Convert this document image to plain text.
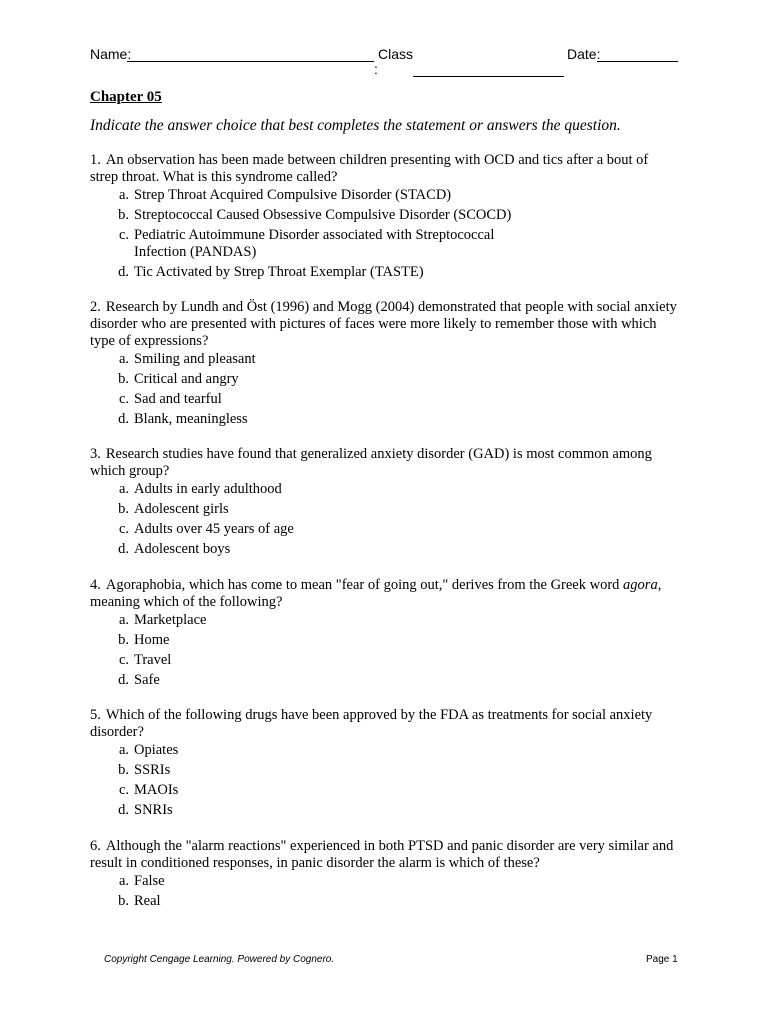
Name:	Class
:
Date:
Chapter 05
Indicate the answer choice that best completes the statement or answers the question.
1. An observation has been made between children presenting with OCD and tics after a bout of strep throat. What is this syndrome called?
a. Strep Throat Acquired Compulsive Disorder (STACD)
b. Streptococcal Caused Obsessive Compulsive Disorder (SCOCD)
c. Pediatric Autoimmune Disorder associated with Streptococcal Infection (PANDAS)
d. Tic Activated by Strep Throat Exemplar (TASTE)
2. Research by Lundh and Öst (1996) and Mogg (2004) demonstrated that people with social anxiety disorder who are presented with pictures of faces were more likely to remember those with which type of expressions?
a. Smiling and pleasant
b. Critical and angry
c. Sad and tearful
d. Blank, meaningless
3. Research studies have found that generalized anxiety disorder (GAD) is most common among which group?
a. Adults in early adulthood
b. Adolescent girls
c. Adults over 45 years of age
d. Adolescent boys
4. Agoraphobia, which has come to mean "fear of going out," derives from the Greek word agora, meaning which of the following?
a. Marketplace
b. Home
c. Travel
d. Safe
5. Which of the following drugs have been approved by the FDA as treatments for social anxiety disorder?
a. Opiates
b. SSRIs
c. MAOIs
d. SNRIs
6. Although the "alarm reactions" experienced in both PTSD and panic disorder are very similar and result in conditioned responses, in panic disorder the alarm is which of these?
a. False
b. Real
Copyright Cengage Learning. Powered by Cognero.	Page 1
